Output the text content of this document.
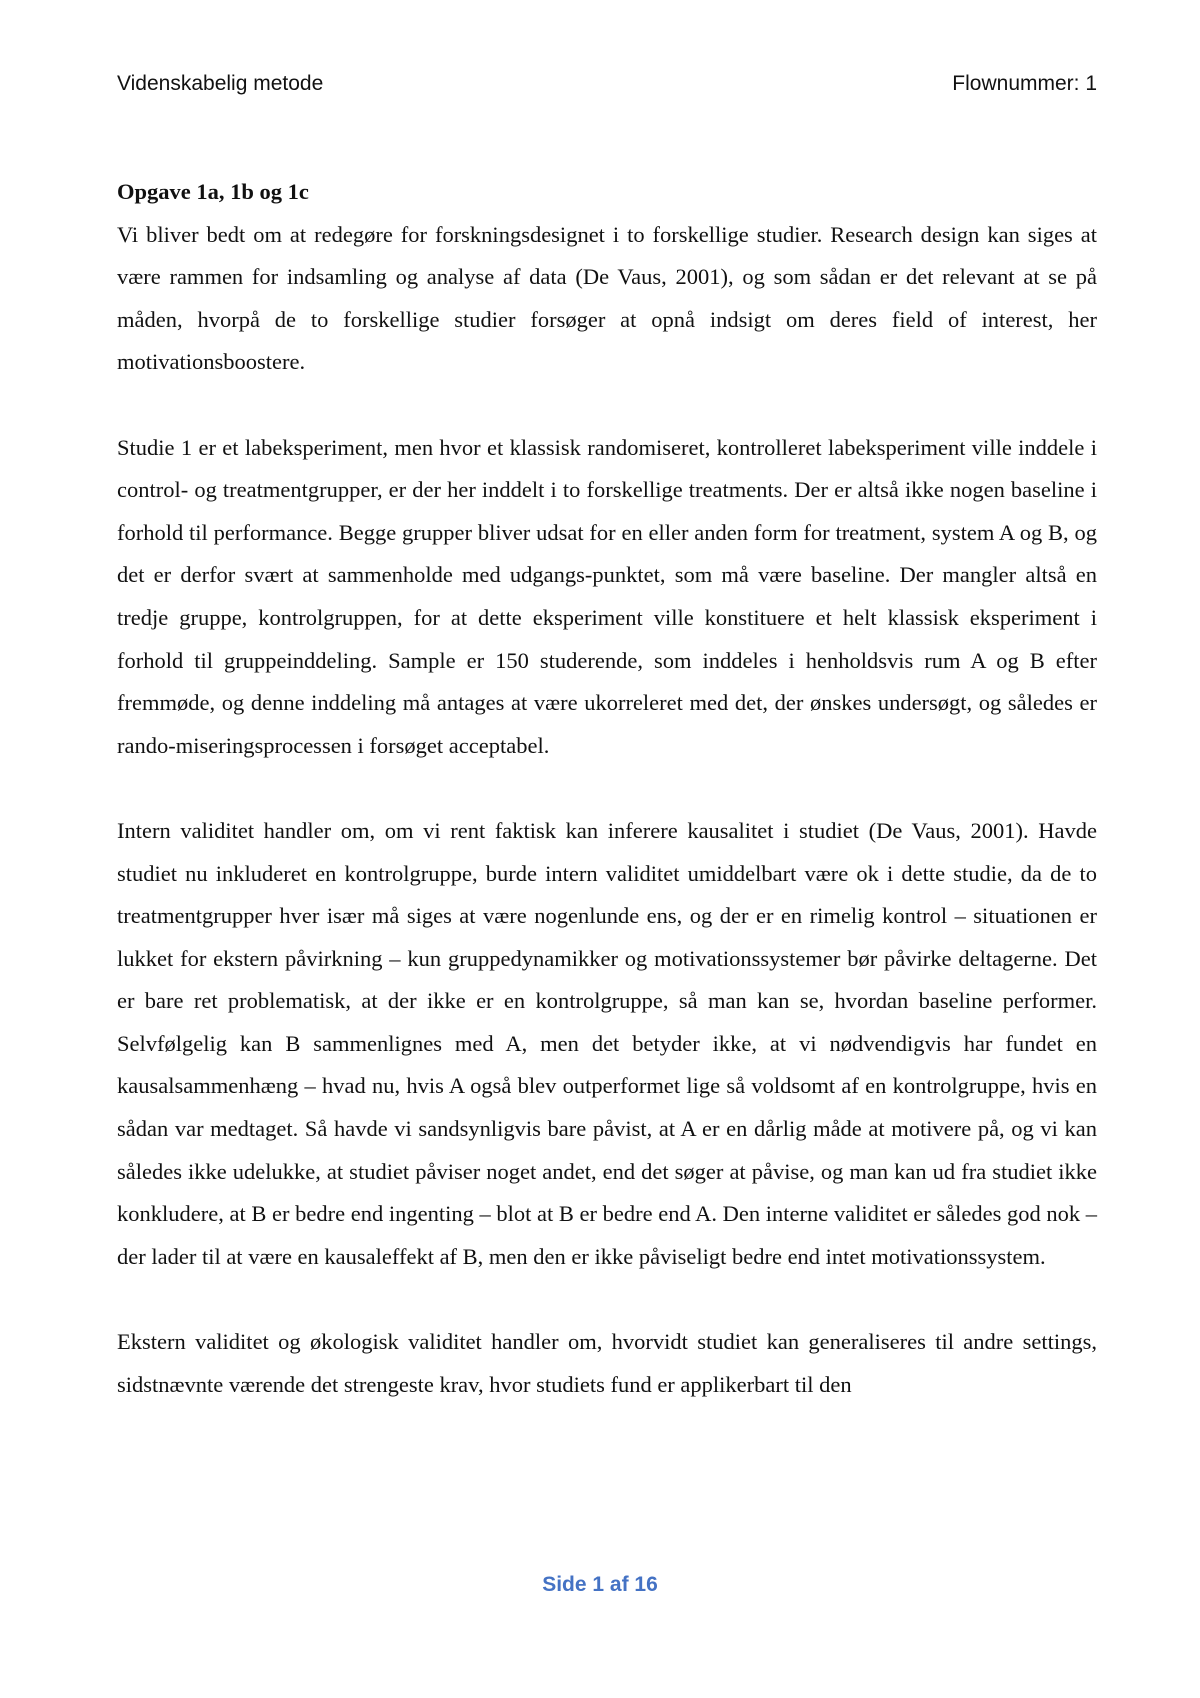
Videnskabelig metode	Flownummer: 1
Opgave 1a, 1b og 1c

Vi bliver bedt om at redegøre for forskningsdesignet i to forskellige studier. Research design kan siges at være rammen for indsamling og analyse af data (De Vaus, 2001), og som sådan er det relevant at se på måden, hvorpå de to forskellige studier forsøger at opnå indsigt om deres field of interest, her motivationsboostere.

Studie 1 er et labeksperiment, men hvor et klassisk randomiseret, kontrolleret labeksperiment ville inddele i control- og treatmentgrupper, er der her inddelt i to forskellige treatments. Der er altså ikke nogen baseline i forhold til performance. Begge grupper bliver udsat for en eller anden form for treatment, system A og B, og det er derfor svært at sammenholde med udgangs-punktet, som må være baseline. Der mangler altså en tredje gruppe, kontrolgruppen, for at dette eksperiment ville konstituere et helt klassisk eksperiment i forhold til gruppeinddeling. Sample er 150 studerende, som inddeles i henholdsvis rum A og B efter fremmøde, og denne inddeling må antages at være ukorreleret med det, der ønskes undersøgt, og således er rando-miseringsprocessen i forsøget acceptabel.

Intern validitet handler om, om vi rent faktisk kan inferere kausalitet i studiet (De Vaus, 2001). Havde studiet nu inkluderet en kontrolgruppe, burde intern validitet umiddelbart være ok i dette studie, da de to treatmentgrupper hver især må siges at være nogenlunde ens, og der er en rimelig kontrol – situationen er lukket for ekstern påvirkning – kun gruppedynamikker og motivationssystemer bør påvirke deltagerne. Det er bare ret problematisk, at der ikke er en kontrolgruppe, så man kan se, hvordan baseline performer. Selvfølgelig kan B sammenlignes med A, men det betyder ikke, at vi nødvendigvis har fundet en kausalsammenhæng – hvad nu, hvis A også blev outperformet lige så voldsomt af en kontrolgruppe, hvis en sådan var medtaget. Så havde vi sandsynligvis bare påvist, at A er en dårlig måde at motivere på, og vi kan således ikke udelukke, at studiet påviser noget andet, end det søger at påvise, og man kan ud fra studiet ikke konkludere, at B er bedre end ingenting – blot at B er bedre end A. Den interne validitet er således god nok – der lader til at være en kausaleffekt af B, men den er ikke påviseligt bedre end intet motivationssystem.

Ekstern validitet og økologisk validitet handler om, hvorvidt studiet kan generaliseres til andre settings, sidstnævnte værende det strengeste krav, hvor studiets fund er applikerbart til den

Side 1 af 16
